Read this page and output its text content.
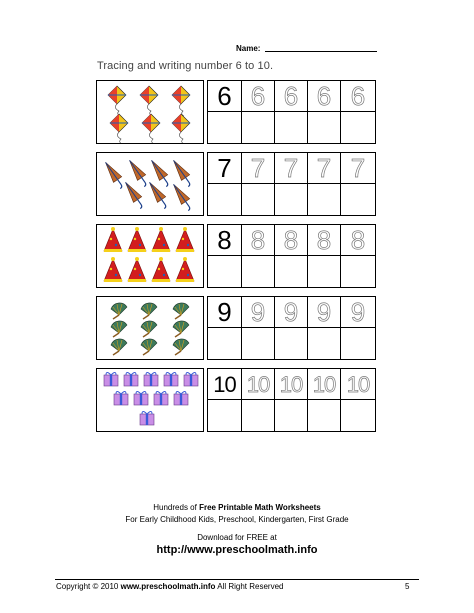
Name:
Tracing and writing number 6 to 10.
6 6 6 6 6
7 7 7 7 7
8 8 8 8 8
9 9 9 9 9
10 10 10 10 10
Hundreds of Free Printable Math Worksheets
For Early Childhood Kids, Preschool, Kindergarten, First Grade
Download for FREE at
http://www.preschoolmath.info
Copyright © 2010 www.preschoolmath.info All Right Reserved	5
